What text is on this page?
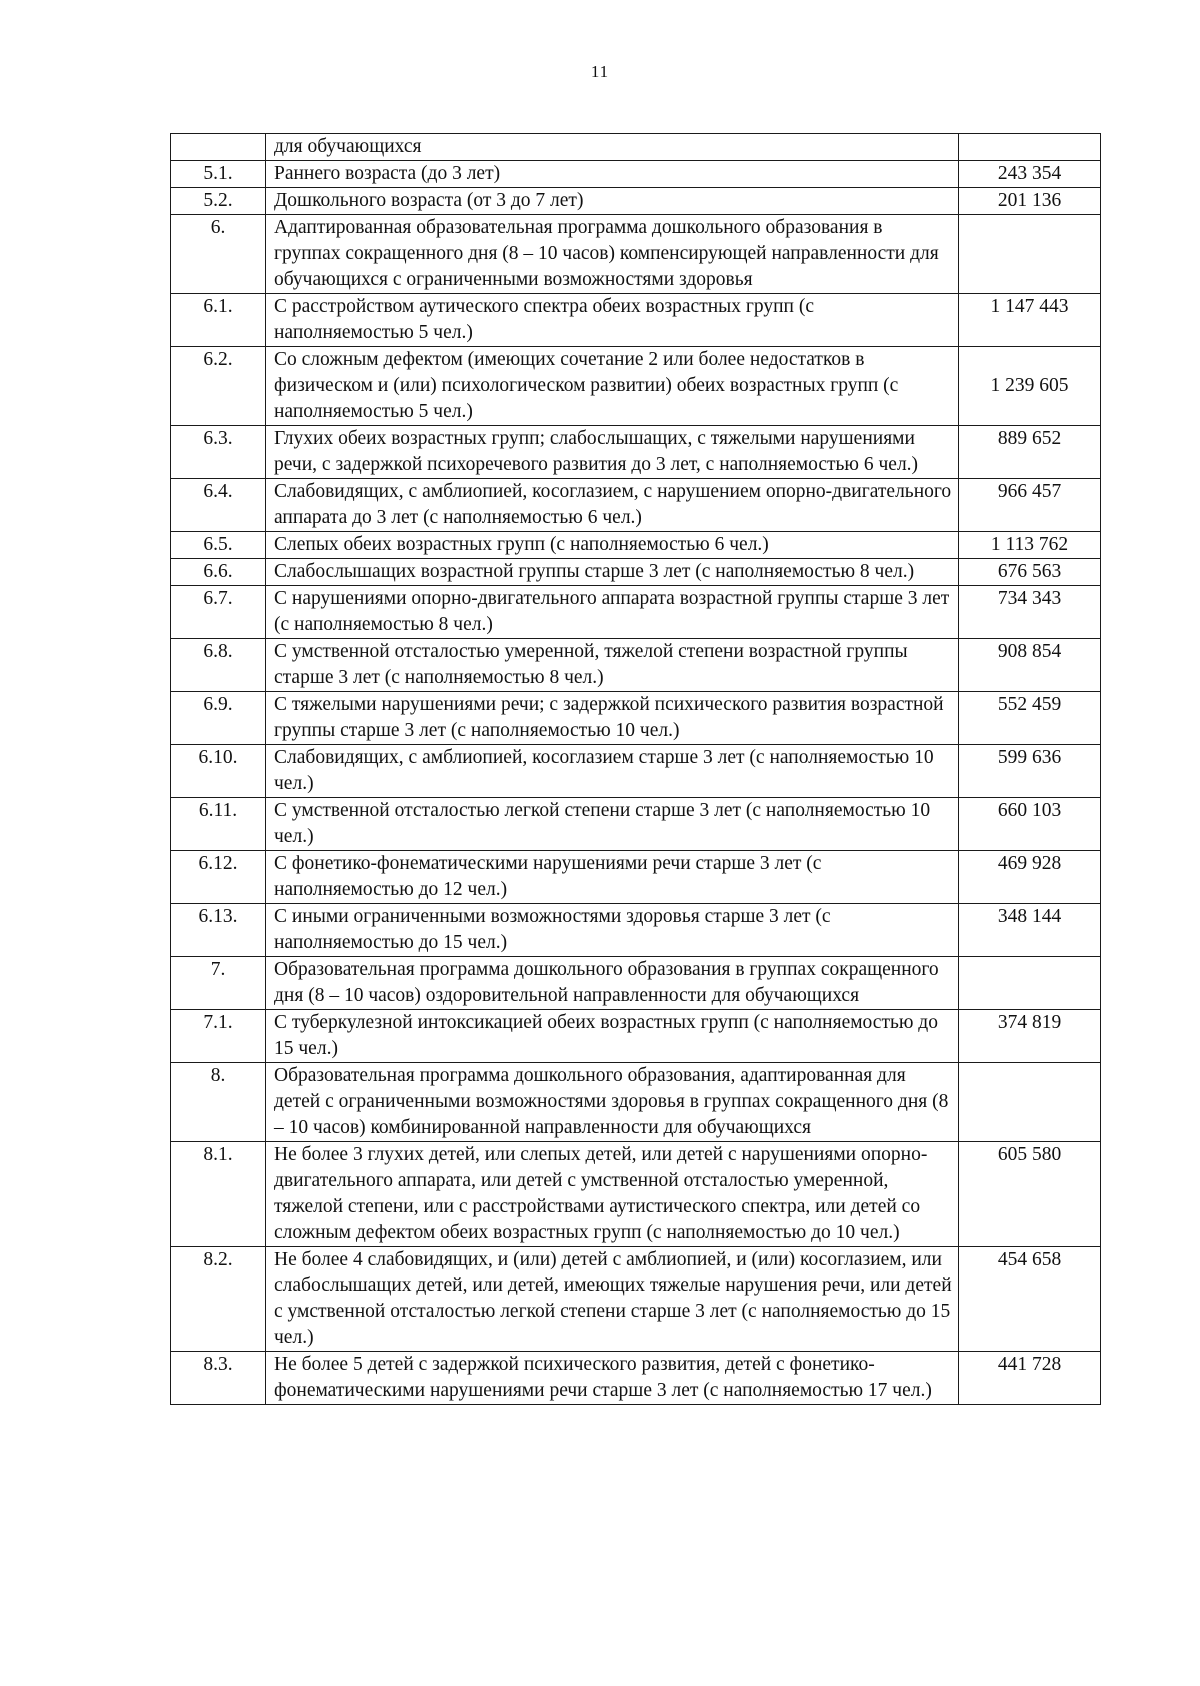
11
	для обучающихся	
5.1.	Раннего возраста (до 3 лет)	243 354
5.2.	Дошкольного возраста (от 3 до 7 лет)	201 136
6.	Адаптированная образовательная программа дошкольного образования в группах сокращенного дня (8 – 10 часов) компенсирующей направленности для обучающихся с ограниченными возможностями здоровья	
6.1.	С расстройством аутического спектра обеих возрастных групп (с наполняемостью 5 чел.)	1 147 443
6.2.	Со сложным дефектом (имеющих сочетание 2 или более недостатков в физическом и (или) психологическом развитии) обеих возрастных групп (с наполняемостью 5 чел.)	1 239 605
6.3.	Глухих обеих возрастных групп; слабослышащих, с тяжелыми нарушениями речи, с задержкой психоречевого развития до 3 лет, с наполняемостью 6 чел.)	889 652
6.4.	Слабовидящих, с амблиопией, косоглазием, с нарушением опорно-двигательного аппарата до 3 лет (с наполняемостью 6 чел.)	966 457
6.5.	Слепых обеих возрастных групп (с наполняемостью 6 чел.)	1 113 762
6.6.	Слабослышащих возрастной группы старше 3 лет (с наполняемостью 8 чел.)	676 563
6.7.	С нарушениями опорно-двигательного аппарата возрастной группы старше 3 лет (с наполняемостью 8 чел.)	734 343
6.8.	С умственной отсталостью умеренной, тяжелой степени возрастной группы старше 3 лет (с наполняемостью 8 чел.)	908 854
6.9.	С тяжелыми нарушениями речи; с задержкой психического развития возрастной группы старше 3 лет (с наполняемостью 10 чел.)	552 459
6.10.	Слабовидящих, с амблиопией, косоглазием старше 3 лет (с наполняемостью 10 чел.)	599 636
6.11.	С умственной отсталостью легкой степени старше 3 лет (с наполняемостью 10 чел.)	660 103
6.12.	С фонетико-фонематическими нарушениями речи старше 3 лет (с наполняемостью до 12 чел.)	469 928
6.13.	С иными ограниченными возможностями здоровья старше 3 лет (с наполняемостью до 15 чел.)	348 144
7.	Образовательная программа дошкольного образования в группах сокращенного дня (8 – 10 часов) оздоровительной направленности для обучающихся	
7.1.	С туберкулезной интоксикацией обеих возрастных групп (с наполняемостью до 15 чел.)	374 819
8.	Образовательная программа дошкольного образования, адаптированная для детей с ограниченными возможностями здоровья в группах сокращенного дня (8 – 10 часов) комбинированной направленности для обучающихся	
8.1.	Не более 3 глухих детей, или слепых детей, или детей с нарушениями опорно-двигательного аппарата, или детей с умственной отсталостью умеренной, тяжелой степени, или с расстройствами аутистического спектра, или детей со сложным дефектом обеих возрастных групп (с наполняемостью до 10 чел.)	605 580
8.2.	Не более 4 слабовидящих, и (или) детей с амблиопией, и (или) косоглазием, или слабослышащих детей, или детей, имеющих тяжелые нарушения речи, или детей с умственной отсталостью легкой степени старше 3 лет (с наполняемостью до 15 чел.)	454 658
8.3.	Не более 5 детей с задержкой психического развития, детей с фонетико-фонематическими нарушениями речи старше 3 лет (с наполняемостью 17 чел.)	441 728
